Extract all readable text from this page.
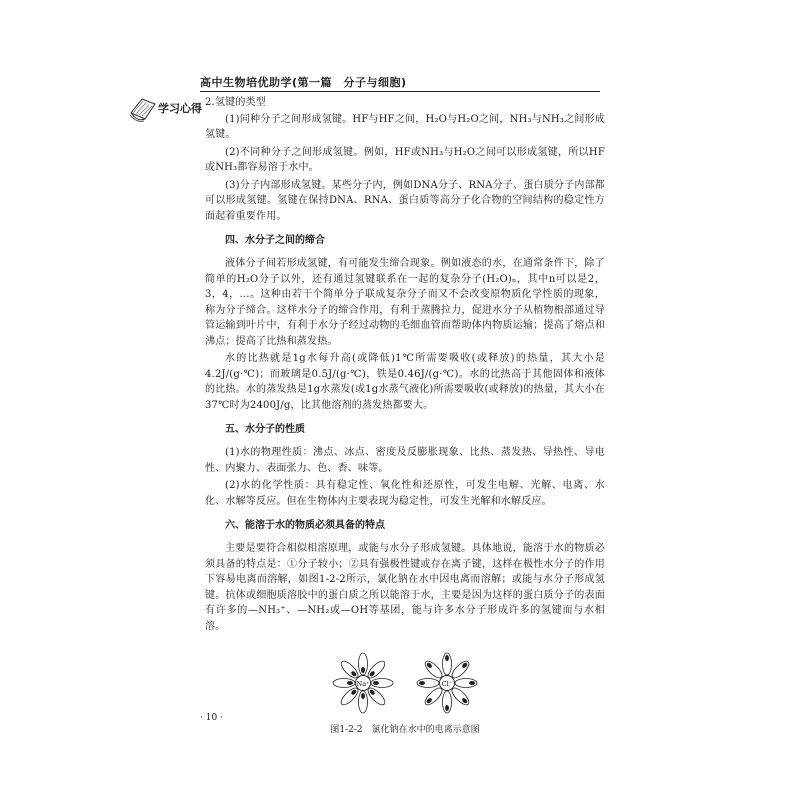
高中生物培优助学(第一篇　分子与细胞)
学习心得 2.氢键的类型

(1)同种分子之间形成氢键。HF与HF之间，H₂O与H₂O之间，NH₃与NH₃之间形成氢键。

(2)不同种分子之间形成氢键。例如，HF或NH₃与H₂O之间可以形成氢键，所以HF或NH₃都容易溶于水中。

(3)分子内部形成氢键。某些分子内，例如DNA分子、RNA分子、蛋白质分子内部都可以形成氢键。氢键在保持DNA、RNA、蛋白质等高分子化合物的空间结构的稳定性方面起着重要作用。

四、水分子之间的缔合

液体分子间若形成氢键，有可能发生缔合现象。例如液态的水，在通常条件下，除了简单的H₂O分子以外，还有通过氢键联系在一起的复杂分子(H₂O)ₙ，其中n可以是2，3，4，…。这种由若干个简单分子联成复杂分子而又不会改变原物质化学性质的现象，称为分子缔合。这样水分子的缔合作用，有利于蒸腾拉力，促进水分子从植物根部通过导管运输到叶片中，有利于水分子经过动物的毛细血管而帮助体内物质运输；提高了熔点和沸点；提高了比热和蒸发热。

水的比热就是1g水每升高(或降低)1℃所需要吸收(或释放)的热量，其大小是4.2J/(g·℃)；而玻璃是0.5J/(g·℃)，铁是0.46J/(g·℃)。水的比热高于其他固体和液体的比热。水的蒸发热是1g水蒸发(或1g水蒸气液化)所需要吸收(或释放)的热量，其大小在37℃时为2400J/g，比其他溶剂的蒸发热都要大。

五、水分子的性质

(1)水的物理性质：沸点、冰点、密度及反膨胀现象、比热、蒸发热、导热性、导电性、内聚力、表面张力、色、香、味等。

(2)水的化学性质：具有稳定性、氧化性和还原性，可发生电解、光解、电离、水化、水解等反应。但在生物体内主要表现为稳定性，可发生光解和水解反应。

六、能溶于水的物质必须具备的特点

主要是要符合相似相溶原理，或能与水分子形成氢键。具体地说，能溶于水的物质必须具备的特点是：①分子较小；②具有强极性键或存在离子键，这样在极性水分子的作用下容易电离而溶解，如图1-2-2所示，氯化钠在水中因电离而溶解；或能与水分子形成氢键。抗体或细胞质溶胶中的蛋白质之所以能溶于水，主要是因为这样的蛋白质分子的表面有许多的—NH₃⁺、—NH₂或—OH等基团，能与许多水分子形成许多的氢键而与水相溶。

Na⁺	Cl⁻
图1-2-2　氯化钠在水中的电离示意图
· 10 ·
